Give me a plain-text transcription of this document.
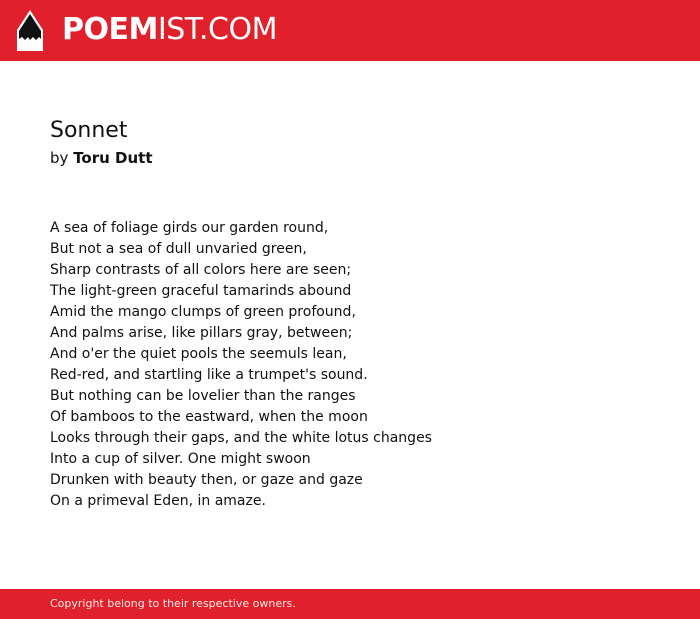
POEMIST.COM
Sonnet
by Toru Dutt
A sea of foliage girds our garden round,
But not a sea of dull unvaried green,
Sharp contrasts of all colors here are seen;
The light-green graceful tamarinds abound
Amid the mango clumps of green profound,
And palms arise, like pillars gray, between;
And o'er the quiet pools the seemuls lean,
Red-red, and startling like a trumpet's sound.
But nothing can be lovelier than the ranges
Of bamboos to the eastward, when the moon
Looks through their gaps, and the white lotus changes
Into a cup of silver. One might swoon
Drunken with beauty then, or gaze and gaze
On a primeval Eden, in amaze.
Copyright belong to their respective owners.
